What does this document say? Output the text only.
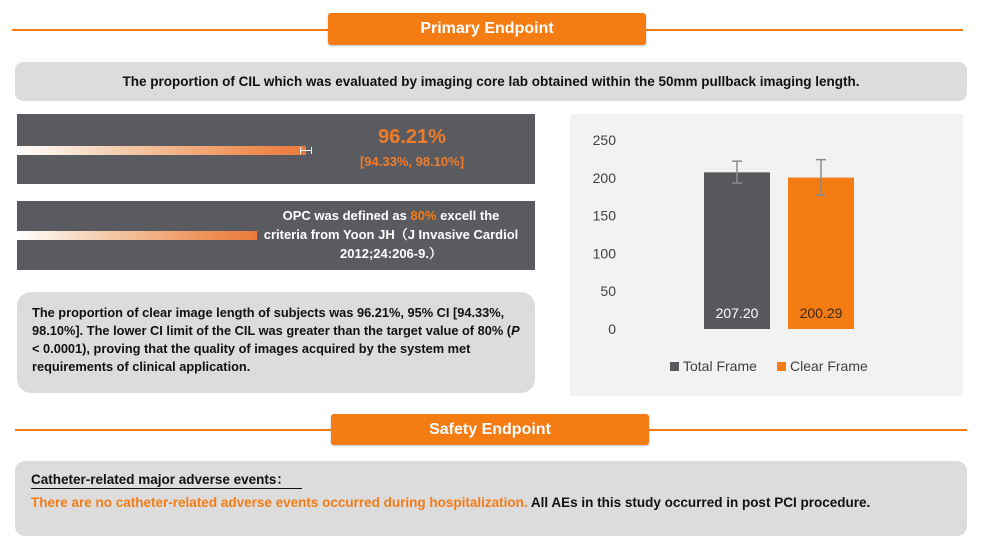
Primary Endpoint
The proportion of CIL which was evaluated by imaging core lab obtained within the 50mm pullback imaging length.
96.21%
[94.33%, 98.10%]
OPC was defined as 80% excell the criteria from Yoon JH（J Invasive Cardiol 2012;24:206-9.）
The proportion of clear image length of subjects was 96.21%, 95% CI [94.33%, 98.10%]. The lower CI limit of the CIL was greater than the target value of 80% (P < 0.0001), proving that the quality of images acquired by the system met requirements of clinical application.
0
50
100
150
200
250
207.20	200.29
Total Frame Clear Frame
Safety Endpoint
Catheter-related major adverse events：
There are no catheter-related adverse events occurred during hospitalization. All AEs in this study occurred in post PCI procedure.
